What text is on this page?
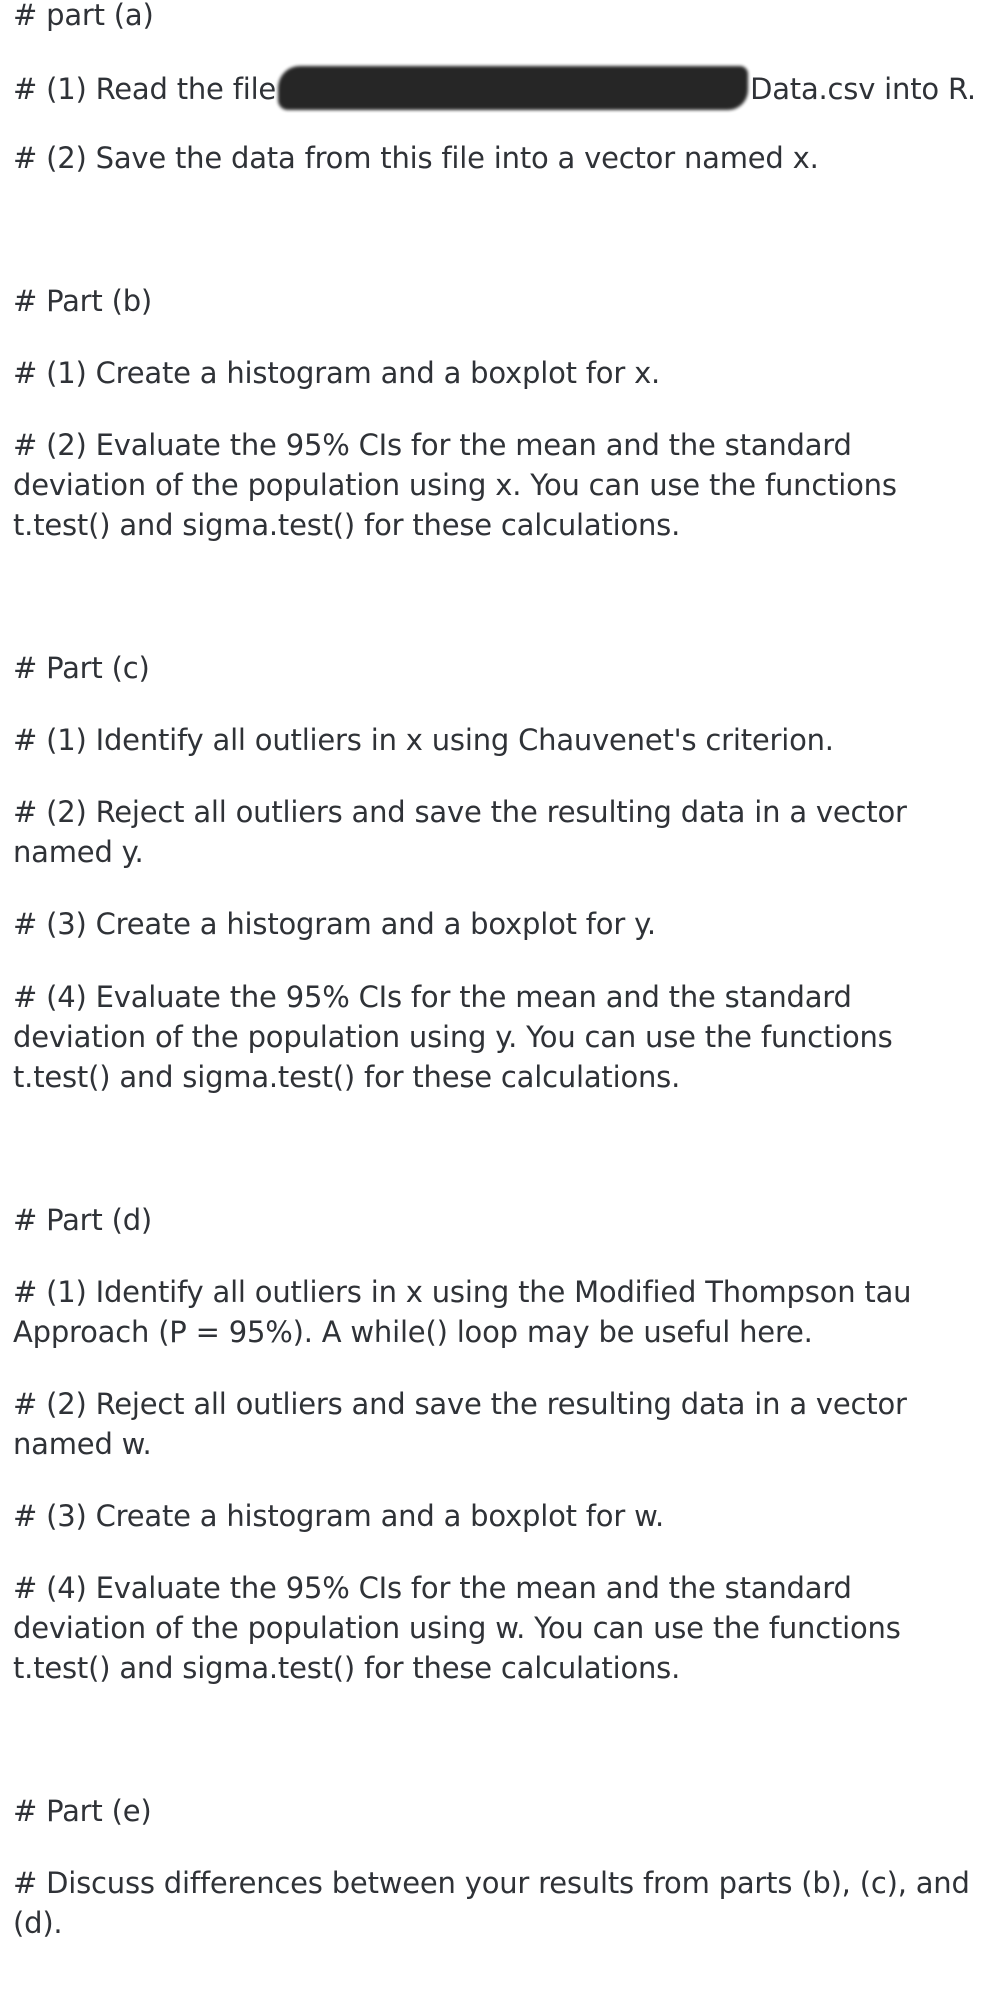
# part (a)
# (1) Read the file	Data.csv into R.
# (2) Save the data from this file into a vector named x.
# Part (b)
# (1) Create a histogram and a boxplot for x.
# (2) Evaluate the 95% CIs for the mean and the standard
deviation of the population using x. You can use the functions
t.test() and sigma.test() for these calculations.
# Part (c)
# (1) Identify all outliers in x using Chauvenet's criterion.
# (2) Reject all outliers and save the resulting data in a vector
named y.
# (3) Create a histogram and a boxplot for y.
# (4) Evaluate the 95% CIs for the mean and the standard
deviation of the population using y. You can use the functions
t.test() and sigma.test() for these calculations.
# Part (d)
# (1) Identify all outliers in x using the Modified Thompson tau
Approach (P = 95%). A while() loop may be useful here.
# (2) Reject all outliers and save the resulting data in a vector
named w.
# (3) Create a histogram and a boxplot for w.
# (4) Evaluate the 95% CIs for the mean and the standard
deviation of the population using w. You can use the functions
t.test() and sigma.test() for these calculations.
# Part (e)
# Discuss differences between your results from parts (b), (c), and
(d).
